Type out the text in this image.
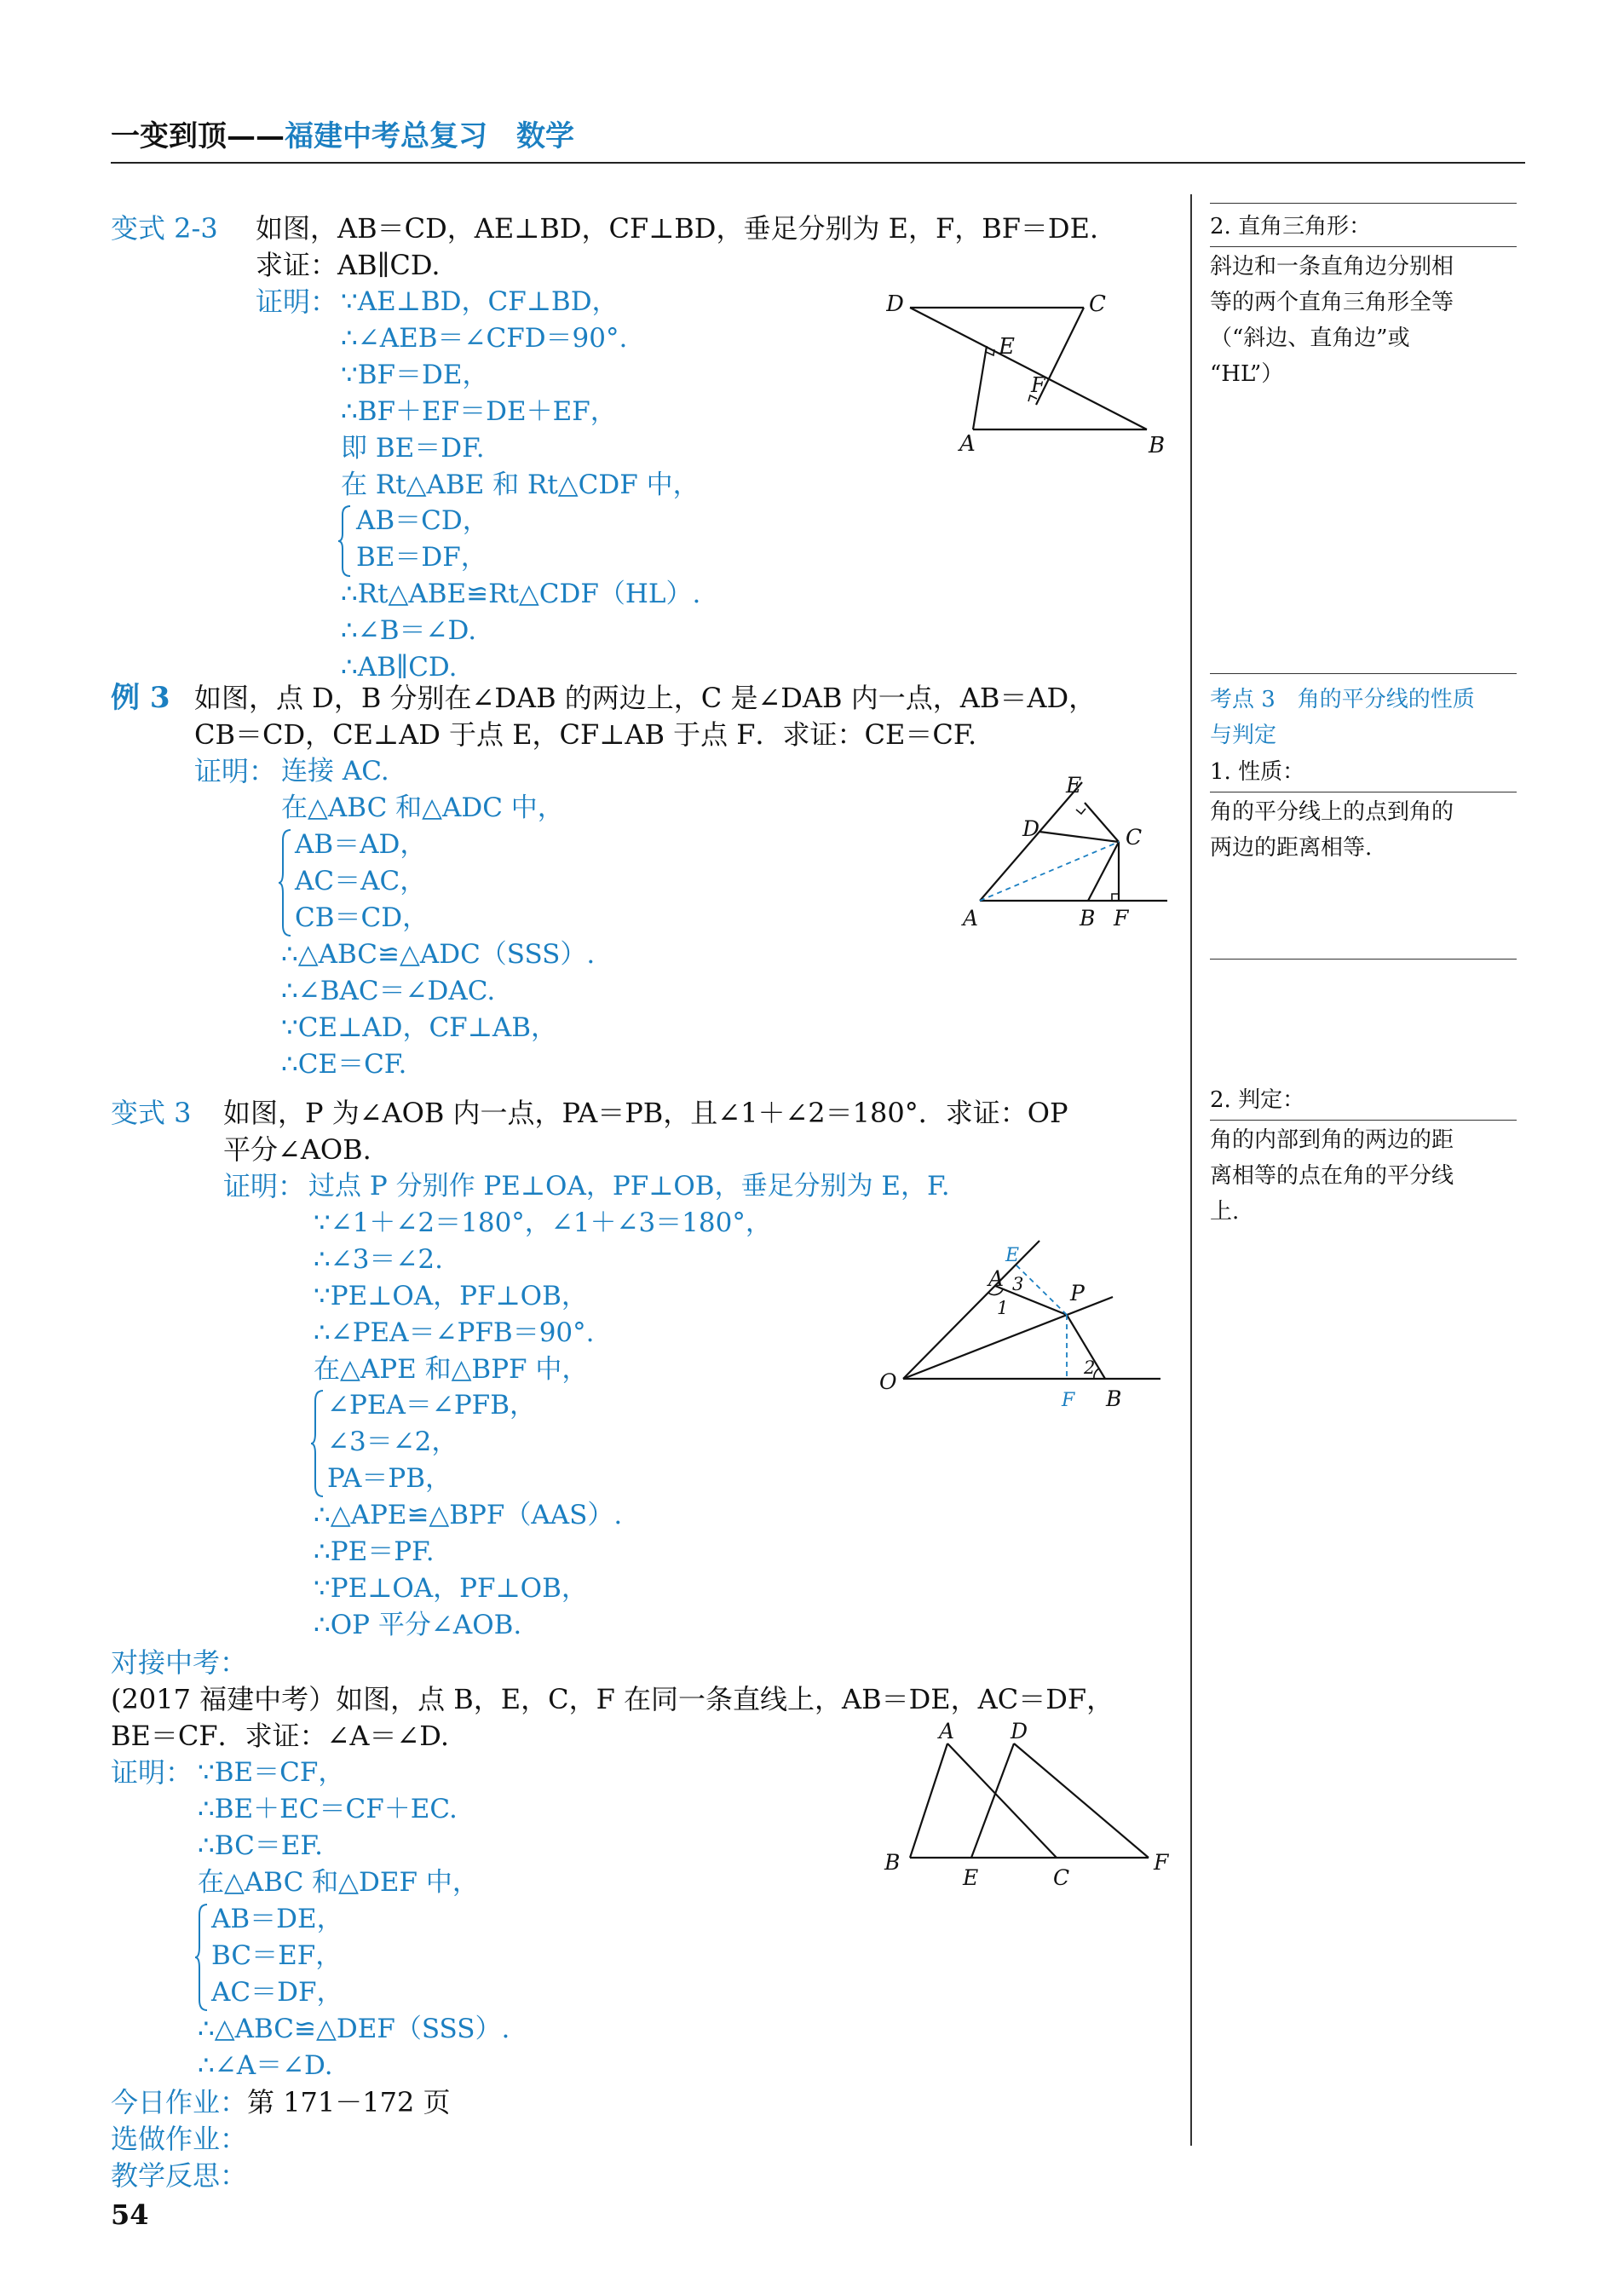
一变到顶——福建中考总复习　 数学
变式 2-3 如图，AB＝CD，AE⊥BD，CF⊥BD，垂足分别为 E，F，BF＝DE.
求证：AB∥CD.
证明： ∵AE⊥BD，CF⊥BD，
∴∠AEB＝∠CFD＝90°.
∵BF＝DE，
∴BF＋EF＝DE＋EF，
即 BE＝DF.
在 Rt△ABE 和 Rt△CDF 中，
AB＝CD，
BE＝DF，
∴Rt△ABE≌Rt△CDF（HL）.
∴∠B＝∠D.
∴AB∥CD.
D	C
E
F
A	B
例 3 如图，点 D，B 分别在∠DAB 的两边上，C 是∠DAB 内一点，AB＝AD，
CB＝CD，CE⊥AD 于点 E，CF⊥AB 于点 F．求证：CE＝CF.
证明： 连接 AC.
在△ABC 和△ADC 中，
AB＝AD，
AC＝AC，
CB＝CD，
∴△ABC≌△ADC（SSS）.
∴∠BAC＝∠DAC.
∵CE⊥AD，CF⊥AB，
∴CE＝CF.
E
D	C
A	B F
变式 3 如图，P 为∠AOB 内一点，PA＝PB，且∠1＋∠2＝180°．求证：OP
平分∠AOB.
证明： 过点 P 分别作 PE⊥OA，PF⊥OB，垂足分别为 E，F.
∵∠1＋∠2＝180°，∠1＋∠3＝180°，
∴∠3＝∠2.
∵PE⊥OA，PF⊥OB，
∴∠PEA＝∠PFB＝90°.
在△APE 和△BPF 中，
∠PEA＝∠PFB，
∠3＝∠2，
PA＝PB，
∴△APE≌△BPF（AAS）.
∴PE＝PF.
∵PE⊥OA，PF⊥OB，
∴OP 平分∠AOB.
E
F
A
P
O
B
3
1
2
对接中考：
(2017 福建中考）如图，点 B，E，C，F 在同一条直线上，AB＝DE，AC＝DF，
BE＝CF．求证：∠A＝∠D.
证明： ∵BE＝CF，
∴BE＋EC＝CF＋EC.
∴BC＝EF.
在△ABC 和△DEF 中，
AB＝DE，
BC＝EF，
AC＝DF，
∴△ABC≌△DEF（SSS）.
∴∠A＝∠D.
A	D
B
E	C
F
今日作业：第 171－172 页
选做作业：
教学反思：
54
2. 直角三角形：
斜边和一条直角边分别相
等的两个直角三角形全等
（“斜边、直角边”或
“HL”）
考点 3　角的平分线的性质
与判定
1. 性质：
角的平分线上的点到角的
两边的距离相等.
2. 判定：
角的内部到角的两边的距
离相等的点在角的平分线
上.
